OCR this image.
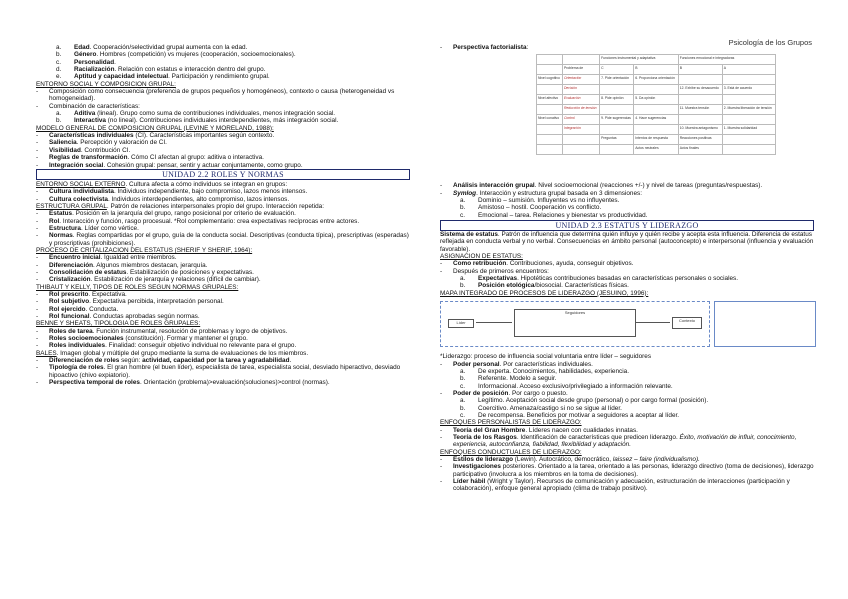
Psicología de los Grupos
a. Edad. Cooperación/selectividad grupal aumenta con la edad.
b. Género. Hombres (competición) vs mujeres (cooperación, socioemocionales).
c. Personalidad.
d. Racialización. Relación con estatus e interacción dentro del grupo.
e. Aptitud y capacidad intelectual. Participación y rendimiento grupal.
ENTORNO SOCIAL Y COMPOSICIÓN GRUPAL:
- Composición como consecuencia (preferencia de grupos pequeños y homogéneos), contexto o causa (heterogeneidad vs homogeneidad).
- Combinación de características:
a. Aditiva (lineal). Grupo como suma de contribuciones individuales, menos integración social.
b. Interactiva (no lineal). Contribuciones individuales interdependientes, más integración social.
MODELO GENERAL DE COMPOSICIÓN GRUPAL (LEVINE Y MORELAND, 1988):
- Características individuales (CI). Características importantes según contexto.
- Saliencia. Percepción y valoración de CI.
- Visibilidad. Contribución CI.
- Reglas de transformación. Cómo CI afectan al grupo: aditiva o interactiva.
- Integración social. Cohesión grupal: pensar, sentir y actuar conjuntamente, como grupo.
UNIDAD 2.2 ROLES Y NORMAS
ENTORNO SOCIAL EXTERNO. Cultura afecta a cómo individuos se integran en grupos:
- Cultura individualista. Individuos independiente, bajo compromiso, lazos menos intensos.
- Cultura colectivista. Individuos interdependientes, alto compromiso, lazos intensos.
ESTRUCTURA GRUPAL. Patrón de relaciones interpersonales propio del grupo. Interacción repetida:
- Estatus. Posición en la jerarquía del grupo, rango posicional por criterio de evaluación.
- Rol. Interacción y función, rasgo procesual. *Rol complementario: crea expectativas recíprocas entre actores.
- Estructura. Líder como vértice.
- Normas. Reglas compartidas por el grupo, guía de la conducta social. Descriptivas (conducta típica), prescriptivas (esperadas) y proscriptivas (prohibiciones).
PROCESO DE CRITALIZACIÓN DEL ESTATUS (SHERIF Y SHERIF, 1964):
- Encuentro inicial. Igualdad entre miembros.
- Diferenciación. Algunos miembros destacan, jerarquía.
- Consolidación de estatus. Estabilización de posiciones y expectativas.
- Cristalización. Estabilización de jerarquía y relaciones (difícil de cambiar).
THIBAUT Y KELLY, TIPOS DE ROLES SEGÚN NORMAS GRUPALES:
- Rol prescrito. Expectativa.
- Rol subjetivo. Expectativa percibida, interpretación personal.
- Rol ejercido. Conducta.
- Rol funcional. Conductas aprobadas según normas.
BENNE Y SHEATS, TIPOLOGÍA DE ROLES GRUPALES:
- Roles de tarea. Función instrumental, resolución de problemas y logro de objetivos.
- Roles socioemocionales (constitución). Formar y mantener el grupo.
- Roles individuales. Finalidad: conseguir objetivo individual no relevante para el grupo.
BALES. Imagen global y múltiple del grupo mediante la suma de evaluaciones de los miembros.
- Diferenciación de roles según: actividad, capacidad por la tarea y agradabilidad.
- Tipología de roles. El gran hombre (el buen líder), especialista de tarea, especialista social, desviado hiperactivo, desviado hipoactivo (chivo expiatorio).
- Perspectiva temporal de roles. Orientación (problema)>evaluación(soluciones)>control (normas).
- Perspectiva factorialista:
		Funciones instrumental y adaptativa		Funciones emocional e integradoras	
	Problema de	C	B	B	A
Nivel cognitivo	Orientación	7. Pide orientación	6. Proporciona orientación		
	Decisión			12. Exhibe su desacuerdo	3. Está de acuerdo
Nivel afectivo	Evaluación	8. Pide opinión	5. Da opinión		
	Reducción de tensión			11. Muestra tensión	2. Muestra liberación de tensión
Nivel conativo	Control	9. Pide sugerencias	4. Hace sugerencias		
	Integración			10. Muestra antagonismo	1. Muestra solidaridad
		Preguntas	Intentos de respuesta	Reacciones positivas	
			Actos neutrales	Actos finales	
- Análisis interacción grupal. Nivel socioemocional (reacciones +/-) y nivel de tareas (preguntas/respuestas).
- Symlog. Interacción y estructura grupal basada en 3 dimensiones:
a. Dominio – sumisión. Influyentes vs no influyentes.
b. Amistoso – hostil. Cooperación vs conflicto.
c. Emocional – tarea. Relaciones y bienestar vs productividad.
UNIDAD 2.3 ESTATUS Y LIDERAZGO
Sistema de estatus. Patrón de influencia que determina quién influye y quién recibe y acepta esta influencia. Diferencia de estatus reflejada en conducta verbal y no verbal. Consecuencias en ámbito personal (autoconcepto) e interpersonal (influencia y evaluación favorable).
ASIGNACIÓN DE ESTATUS:
- Como retribución. Contribuciones, ayuda, conseguir objetivos.
- Después de primeros encuentros:
a. Expectativas. Hipotéticas contribuciones basadas en características personales o sociales.
b. Posición etológica/biosocial. Características físicas.
MAPA INTEGRADO DE PROCESOS DE LIDERAZGO (JESUINO, 1996):
Líder
Seguidores
Contexto
*Liderazgo: proceso de influencia social voluntaria entre líder – seguidores
- Poder personal. Por características individuales.
a. De experta. Conocimientos, habilidades, experiencia.
b. Referente. Modelo a seguir.
c. Informacional. Acceso exclusivo/privilegiado a información relevante.
- Poder de posición. Por cargo o puesto.
a. Legítimo. Aceptación social desde grupo (personal) o por cargo formal (posición).
b. Coercitivo. Amenaza/castigo si no se sigue al líder.
c. De recompensa. Beneficios por motivar a seguidores a aceptar al líder.
ENFOQUES PERSONALISTAS DE LIDERAZGO:
- Teoría del Gran Hombre. Líderes nacen con cualidades innatas.
- Teoría de los Rasgos. Identificación de características que predicen liderazgo. Éxito, motivación de influir, conocimiento, experiencia, autoconfianza, fiabilidad, flexibilidad y adaptación.
ENFOQUES CONDUCTUALES DE LIDERAZGO:
- Estilos de liderazgo (Lewin). Autocrático, democrático, laissez – faire (individualismo).
- Investigaciones posteriores. Orientado a la tarea, orientado a las personas, liderazgo directivo (toma de decisiones), liderazgo participativo (involucra a los miembros en la toma de decisiones).
- Líder hábil (Wright y Taylor). Recursos de comunicación y adecuación, estructuración de interacciones (participación y colaboración), enfoque general apropiado (clima de trabajo positivo).
